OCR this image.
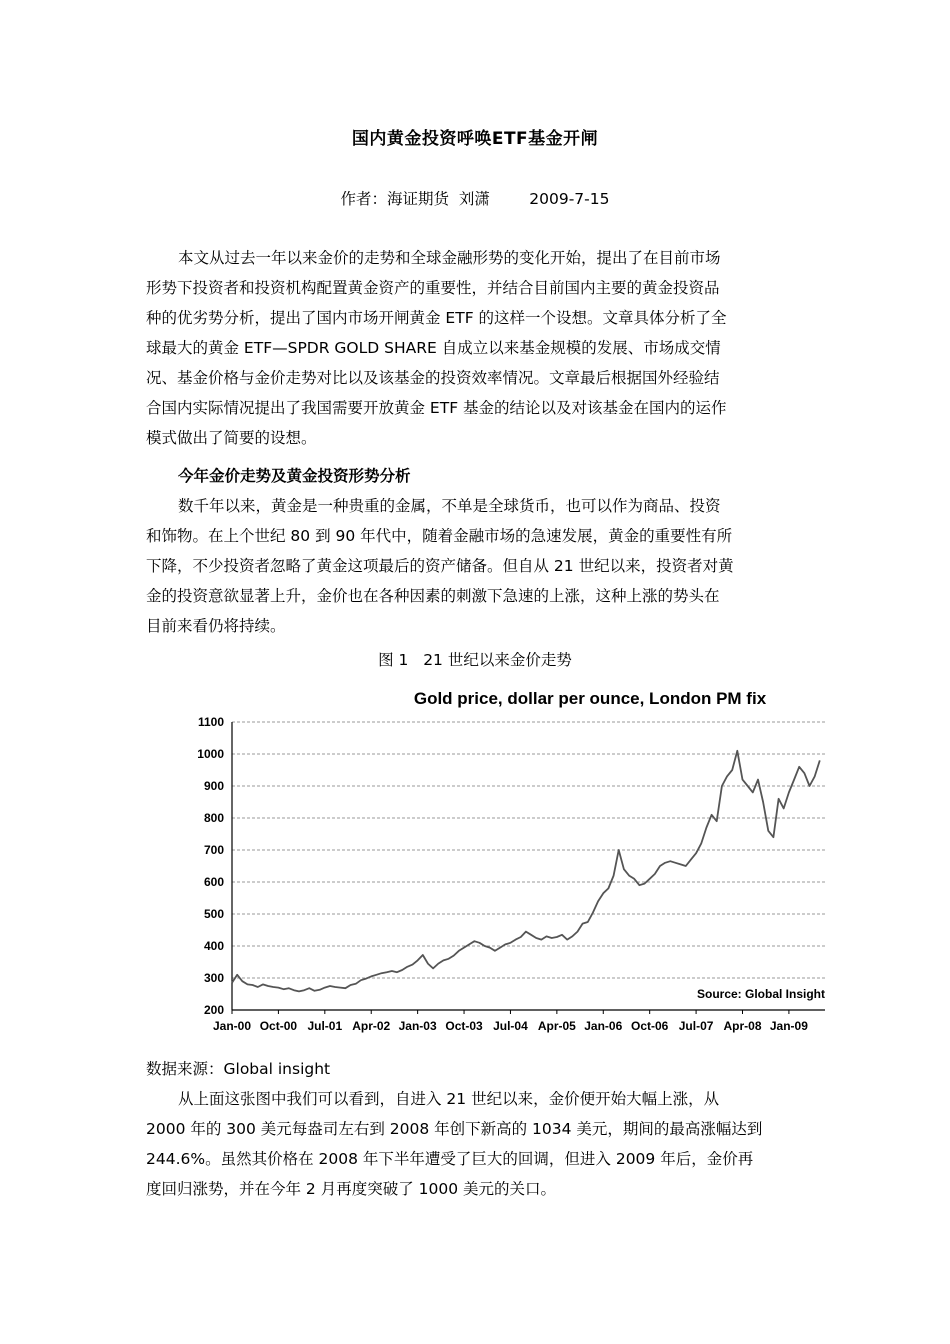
国内黄金投资呼唤ETF基金开闸
作者：海证期货  刘潇        2009-7-15
本文从过去一年以来金价的走势和全球金融形势的变化开始，提出了在目前市场
形势下投资者和投资机构配置黄金资产的重要性，并结合目前国内主要的黄金投资品
种的优劣势分析，提出了国内市场开闸黄金 ETF 的这样一个设想。文章具体分析了全
球最大的黄金 ETF—SPDR GOLD SHARE 自成立以来基金规模的发展、市场成交情
况、基金价格与金价走势对比以及该基金的投资效率情况。文章最后根据国外经验结
合国内实际情况提出了我国需要开放黄金 ETF 基金的结论以及对该基金在国内的运作
模式做出了简要的设想。
今年金价走势及黄金投资形势分析
数千年以来，黄金是一种贵重的金属，不单是全球货币，也可以作为商品、投资
和饰物。在上个世纪 80 到 90 年代中，随着金融市场的急速发展，黄金的重要性有所
下降，不少投资者忽略了黄金这项最后的资产储备。但自从 21 世纪以来，投资者对黄
金的投资意欲显著上升，金价也在各种因素的刺激下急速的上涨，这种上涨的势头在
目前来看仍将持续。
图 1   21 世纪以来金价走势
Gold price, dollar per ounce, London PM fix
200
300
400
500
600
700
800
900
1000
1100
Jan-00 Oct-00 Jul-01 Apr-02 Jan-03 Oct-03 Jul-04 Apr-05 Jan-06 Oct-06 Jul-07 Apr-08 Jan-09
Source: Global Insight
数据来源：Global insight
从上面这张图中我们可以看到，自进入 21 世纪以来，金价便开始大幅上涨，从
2000 年的 300 美元每盎司左右到 2008 年创下新高的 1034 美元，期间的最高涨幅达到
244.6%。虽然其价格在 2008 年下半年遭受了巨大的回调，但进入 2009 年后，金价再
度回归涨势，并在今年 2 月再度突破了 1000 美元的关口。
